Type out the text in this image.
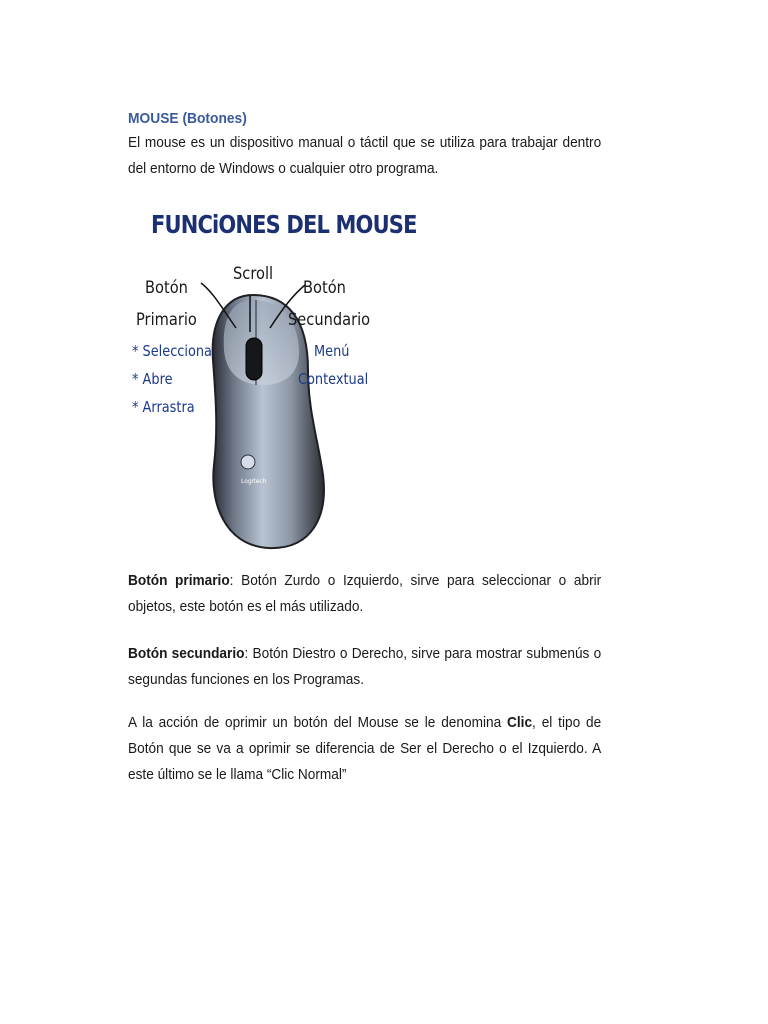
MOUSE (Botones)
El mouse es un dispositivo manual o táctil que se utiliza para trabajar dentro del entorno de Windows o cualquier otro programa.
Logitech
FUNCiONES DEL MOUSE
Scroll
Botón
Primario
Botón
Secundario
* Selecciona
* Abre
* Arrastra
Menú
Contextual
Botón primario: Botón Zurdo o Izquierdo, sirve para seleccionar o abrir objetos, este botón es el más utilizado.
Botón secundario: Botón Diestro o Derecho, sirve para mostrar submenús o segundas funciones en los Programas.
A la acción de oprimir un botón del Mouse se le denomina Clic, el tipo de Botón que se va a oprimir se diferencia de Ser el Derecho o el Izquierdo. A este último se le llama “Clic Normal”
